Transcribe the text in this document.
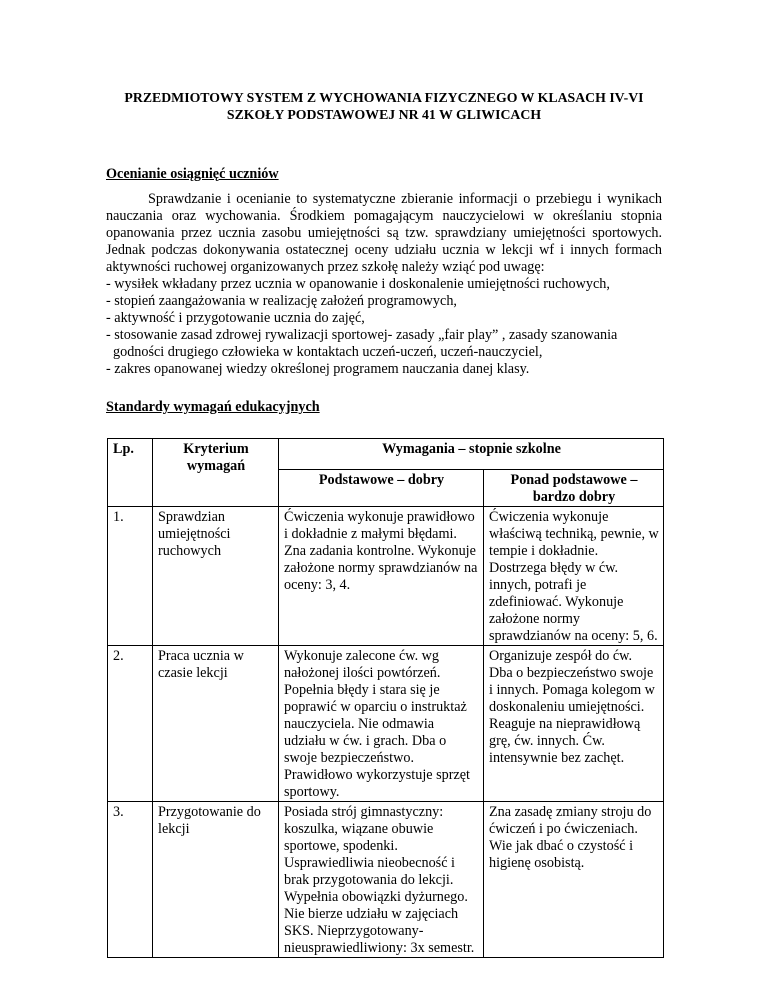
PRZEDMIOTOWY SYSTEM Z WYCHOWANIA FIZYCZNEGO W KLASACH IV-VI SZKOŁY PODSTAWOWEJ NR 41 W GLIWICACH
Ocenianie osiągnięć uczniów

Sprawdzanie i ocenianie to systematyczne zbieranie informacji o przebiegu i wynikach nauczania oraz wychowania. Środkiem pomagającym nauczycielowi w określaniu stopnia opanowania przez ucznia zasobu umiejętności są tzw. sprawdziany umiejętności sportowych. Jednak podczas dokonywania ostatecznej oceny udziału ucznia w lekcji wf i innych formach aktywności ruchowej organizowanych przez szkołę należy wziąć pod uwagę:

- wysiłek wkładany przez ucznia w opanowanie i doskonalenie umiejętności ruchowych,
- stopień zaangażowania w realizację założeń programowych,
- aktywność i przygotowanie ucznia do zajęć,
- stosowanie zasad zdrowej rywalizacji sportowej- zasady „fair play” , zasady szanowania godności drugiego człowieka w kontaktach uczeń-uczeń, uczeń-nauczyciel,
- zakres opanowanej wiedzy określonej programem nauczania danej klasy.
Standardy wymagań edukacyjnych
Lp.	Kryterium wymagań	Wymagania – stopnie szkolne	
		Podstawowe – dobry	Ponad podstawowe – bardzo dobry
1.	Sprawdzian umiejętności ruchowych	Ćwiczenia wykonuje prawidłowo i dokładnie z małymi błędami. Zna zadania kontrolne. Wykonuje założone normy sprawdzianów na oceny: 3, 4.	Ćwiczenia wykonuje właściwą techniką, pewnie, w tempie i dokładnie. Dostrzega błędy w ćw. innych, potrafi je zdefiniować. Wykonuje założone normy sprawdzianów na oceny: 5, 6.
2.	Praca ucznia w czasie lekcji	Wykonuje zalecone ćw. wg nałożonej ilości powtórzeń. Popełnia błędy i stara się je poprawić w oparciu o instruktaż nauczyciela. Nie odmawia udziału w ćw. i grach. Dba o swoje bezpieczeństwo. Prawidłowo wykorzystuje sprzęt sportowy.	Organizuje zespół do ćw. Dba o bezpieczeństwo swoje i innych. Pomaga kolegom w doskonaleniu umiejętności. Reaguje na nieprawidłową grę, ćw. innych. Ćw. intensywnie bez zachęt.
3.	Przygotowanie do lekcji	Posiada strój gimnastyczny: koszulka, wiązane obuwie sportowe, spodenki. Usprawiedliwia nieobecność i brak przygotowania do lekcji. Wypełnia obowiązki dyżurnego. Nie bierze udziału w zajęciach SKS. Nieprzygotowany-nieusprawiedliwiony: 3x semestr.	Zna zasadę zmiany stroju do ćwiczeń i po ćwiczeniach. Wie jak dbać o czystość i higienę osobistą.
